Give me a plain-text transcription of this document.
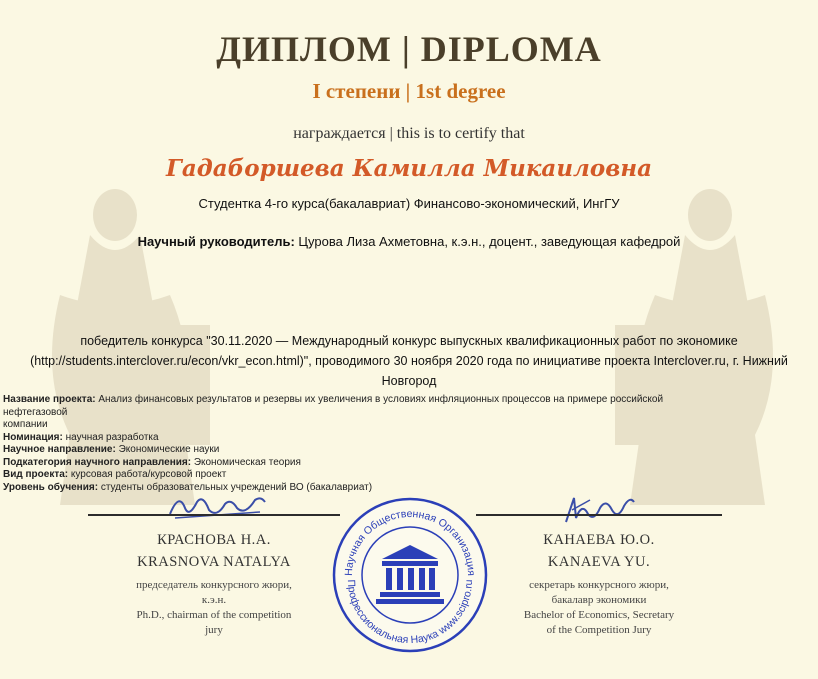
ДИПЛОМ | DIPLOMA
I степени | 1st degree
награждается | this is to certify that
Гадаборшева Камилла Микаиловна
Студентка 4-го курса(бакалавриат) Финансово-экономический, ИнгГУ
Научный руководитель: Цурова Лиза Ахметовна, к.э.н., доцент., заведующая кафедрой
победитель конкурса "30.11.2020 — Международный конкурс выпускных квалификационных работ по экономике
(http://students.interclover.ru/econ/vkr_econ.html)", проводимого 30 ноября 2020 года по инициативе проекта Interclover.ru, г. Нижний
Новгород
Название проекта: Анализ финансовых результатов и резервы их увеличения в условиях инфляционных процессов на примере российской нефтегазовой
компании
Номинация: научная разработка
Научное направление: Экономические науки
Подкатегория научного направления: Экономическая теория
Вид проекта: курсовая работа/курсовой проект
Уровень обучения: студенты образовательных учреждений ВО (бакалавриат)
КРАСНОВА Н.А.
KRASNOVA NATALYA
председатель конкурсного жюри,
к.э.н.
Ph.D., chairman of the competition
jury
КАНАЕВА Ю.О.
KANAEVA YU.
секретарь конкурсного жюри,
бакалавр экономики
Bachelor of Economics, Secretary
of the Competition Jury
Научная Общественная Организация
Профессиональная Наука www.scipro.ru
